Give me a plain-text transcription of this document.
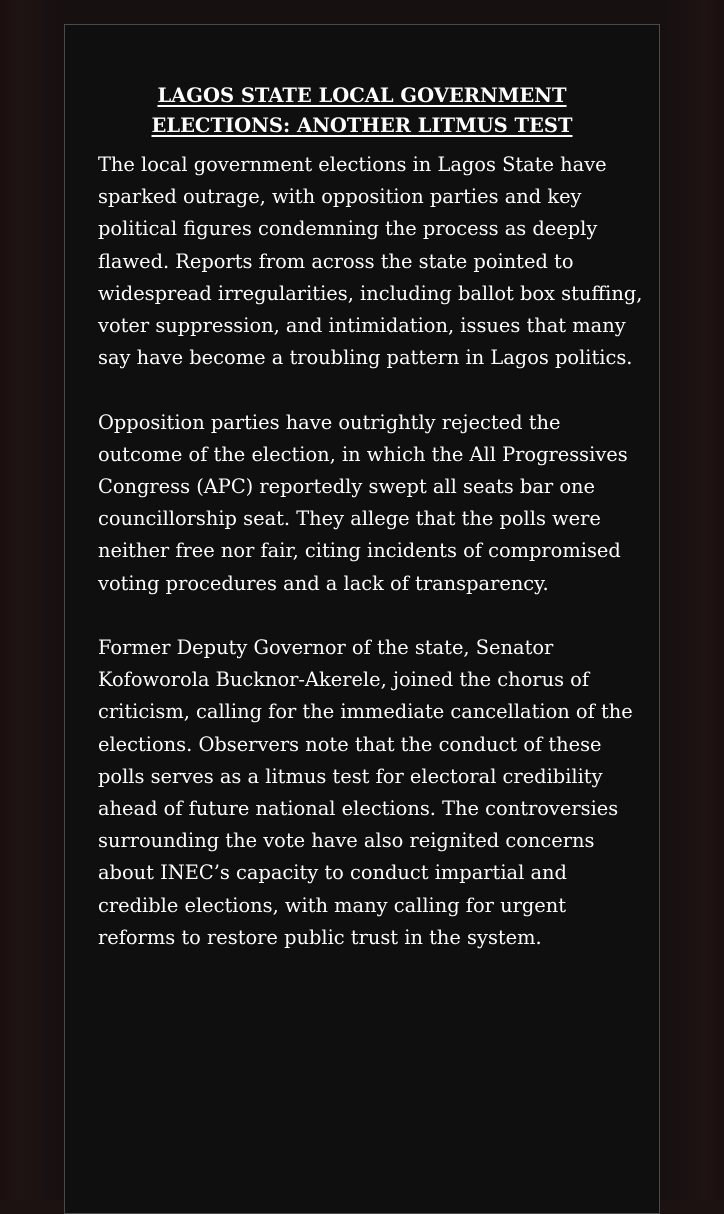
LAGOS STATE LOCAL GOVERNMENT
ELECTIONS: ANOTHER LITMUS TEST

The local government elections in Lagos State have sparked outrage, with opposition parties and key political figures condemning the process as deeply flawed. Reports from across the state pointed to widespread irregularities, including ballot box stuffing, voter suppression, and intimidation, issues that many say have become a troubling pattern in Lagos politics.

Opposition parties have outrightly rejected the outcome of the election, in which the All Progressives Congress (APC) reportedly swept all seats bar one councillorship seat. They allege that the polls were neither free nor fair, citing incidents of compromised voting procedures and a lack of transparency.

Former Deputy Governor of the state, Senator Kofoworola Bucknor-Akerele, joined the chorus of criticism, calling for the immediate cancellation of the elections. Observers note that the conduct of these polls serves as a litmus test for electoral credibility ahead of future national elections. The controversies surrounding the vote have also reignited concerns about INEC’s capacity to conduct impartial and credible elections, with many calling for urgent reforms to restore public trust in the system.
